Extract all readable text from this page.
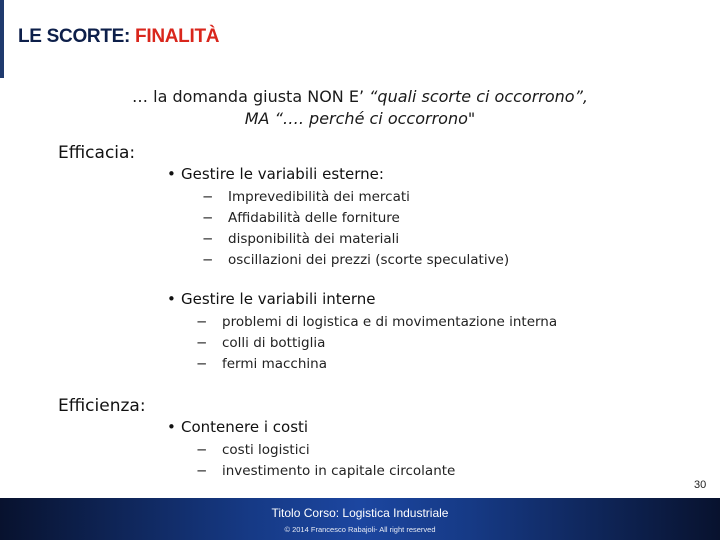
LE SCORTE: FINALITÀ
… la domanda giusta NON E’ “quali scorte ci occorrono”,
MA “…. perché ci occorrono"
Efficacia:
• Gestire le variabili esterne:
− Imprevedibilità dei mercati
− Affidabilità delle forniture
− disponibilità dei materiali
− oscillazioni dei prezzi (scorte speculative)
• Gestire le variabili interne
− problemi di logistica e di movimentazione interna
− colli di bottiglia
− fermi macchina
Efficienza:
• Contenere i costi
− costi logistici
− investimento in capitale circolante
30
Titolo Corso: Logistica Industriale
© 2014 Francesco Rabajoli- All right reserved
